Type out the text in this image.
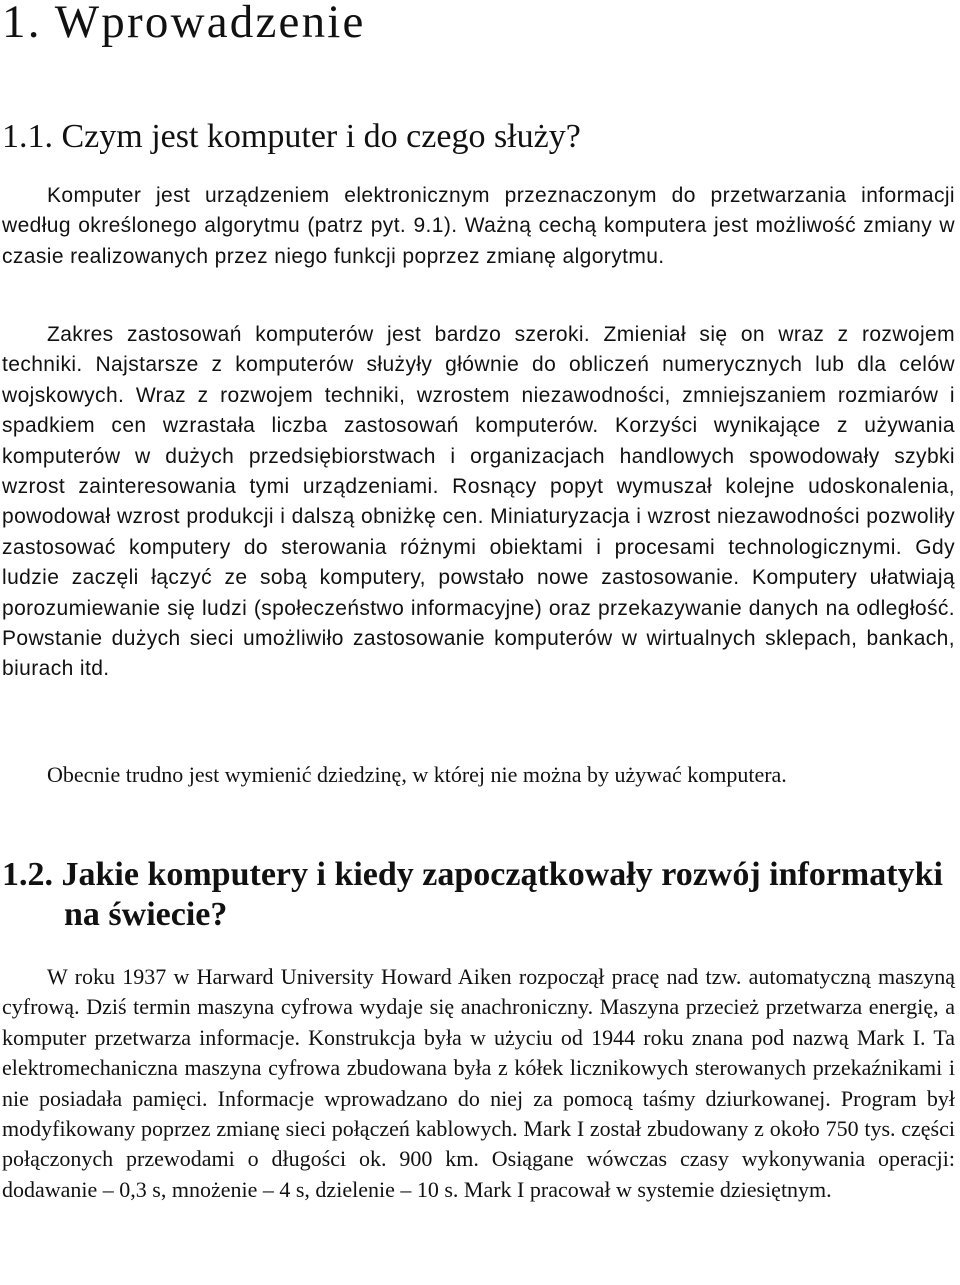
1. Wprowadzenie
1.1. Czym jest komputer i do czego służy?

Komputer jest urządzeniem elektronicznym przeznaczonym do przetwarzania informacji według określonego algorytmu (patrz pyt. 9.1). Ważną cechą komputera jest możliwość zmiany w czasie realizowanych przez niego funkcji poprzez zmianę algorytmu.

Zakres zastosowań komputerów jest bardzo szeroki. Zmieniał się on wraz z rozwojem techniki. Najstarsze z komputerów służyły głównie do obliczeń numerycznych lub dla celów wojskowych. Wraz z rozwojem techniki, wzrostem niezawodności, zmniejszaniem rozmiarów i spadkiem cen wzrastała liczba zastosowań komputerów. Korzyści wynikające z używania komputerów w dużych przedsiębiorstwach i organizacjach handlowych spowodowały szybki wzrost zainteresowania tymi urządzeniami. Rosnący popyt wymuszał kolejne udoskonalenia, powodował wzrost produkcji i dalszą obniżkę cen. Miniaturyzacja i wzrost niezawodności pozwoliły zastosować komputery do sterowania różnymi obiektami i procesami technologicznymi. Gdy ludzie zaczęli łączyć ze sobą komputery, powstało nowe zastosowanie. Komputery ułatwiają porozumiewanie się ludzi (społeczeństwo informacyjne) oraz przekazywanie danych na odległość. Powstanie dużych sieci umożliwiło zastosowanie komputerów w wirtualnych sklepach, bankach, biurach itd.

Obecnie trudno jest wymienić dziedzinę, w której nie można by używać komputera.

1.2. Jakie komputery i kiedy zapoczątkowały rozwój informatyki
na świecie?

W roku 1937 w Harward University Howard Aiken rozpoczął pracę nad tzw. automatyczną maszyną cyfrową. Dziś termin maszyna cyfrowa wydaje się anachroniczny. Maszyna przecież przetwarza energię, a komputer przetwarza informacje. Konstrukcja była w użyciu od 1944 roku znana pod nazwą Mark I. Ta elektromechaniczna maszyna cyfrowa zbudowana była z kółek licznikowych sterowanych przekaźnikami i nie posiadała pamięci. Informacje wprowadzano do niej za pomocą taśmy dziurkowanej. Program był modyfikowany poprzez zmianę sieci połączeń kablowych. Mark I został zbudowany z około 750 tys. części połączonych przewodami o długości ok. 900 km. Osiągane wówczas czasy wykonywania operacji: dodawanie – 0,3 s, mnożenie – 4 s, dzielenie – 10 s. Mark I pracował w systemie dziesiętnym.
